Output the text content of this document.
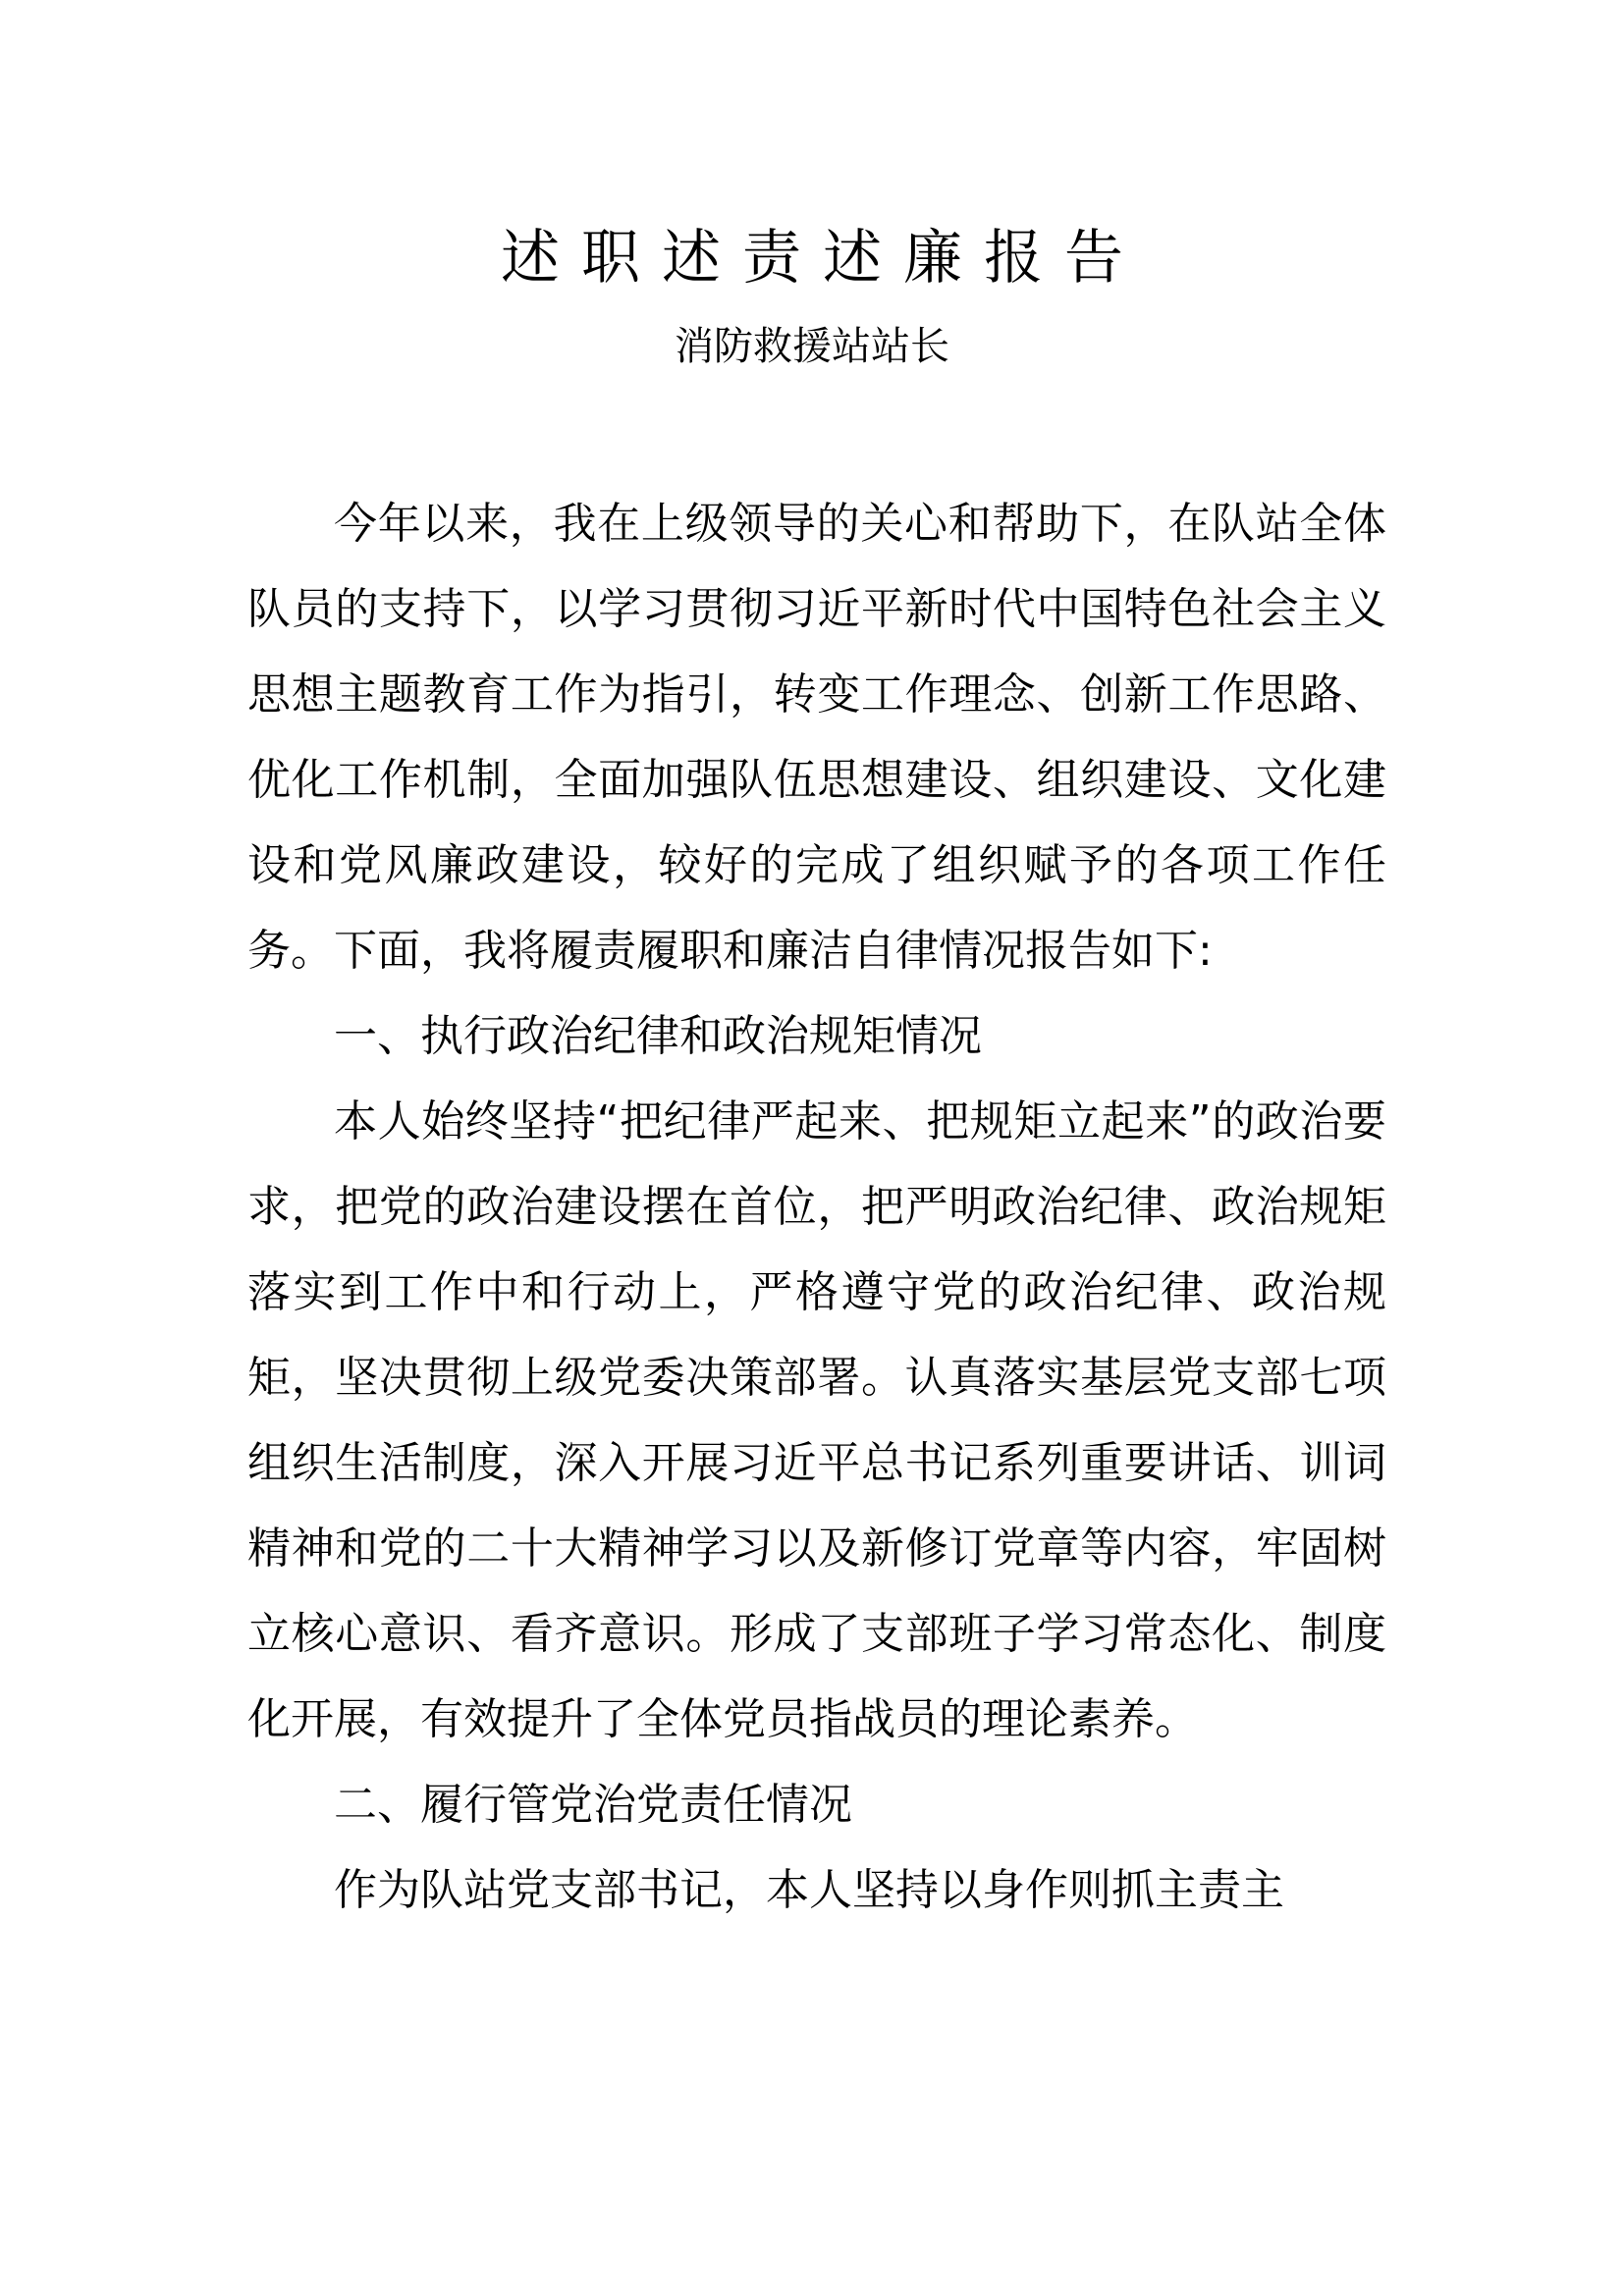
述职述责述廉报告
消防救援站站长

今年以来，我在上级领导的关心和帮助下，在队站全体队员的支持下，以学习贯彻习近平新时代中国特色社会主义思想主题教育工作为指引，转变工作理念、创新工作思路、优化工作机制，全面加强队伍思想建设、组织建设、文化建设和党风廉政建设，较好的完成了组织赋予的各项工作任务。下面，我将履责履职和廉洁自律情况报告如下:

一、执行政治纪律和政治规矩情况

本人始终坚持“把纪律严起来、把规矩立起来”的政治要求，把党的政治建设摆在首位，把严明政治纪律、政治规矩落实到工作中和行动上，严格遵守党的政治纪律、政治规矩，坚决贯彻上级党委决策部署。认真落实基层党支部七项组织生活制度，深入开展习近平总书记系列重要讲话、训词精神和党的二十大精神学习以及新修订党章等内容，牢固树立核心意识、看齐意识。形成了支部班子学习常态化、制度化开展，有效提升了全体党员指战员的理论素养。

二、履行管党治党责任情况

作为队站党支部书记，本人坚持以身作则抓主责主
